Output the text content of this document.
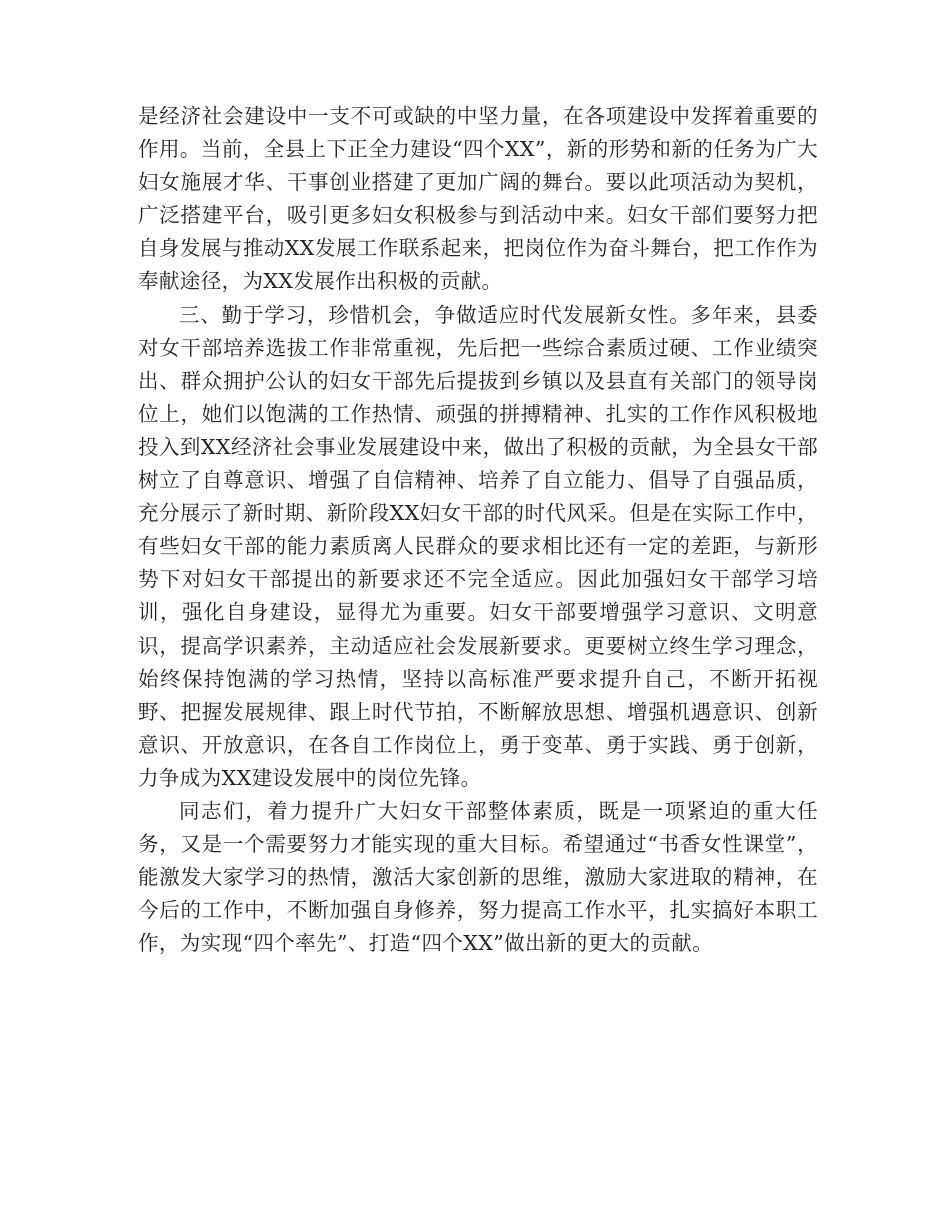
是经济社会建设中一支不可或缺的中坚力量，在各项建设中发挥着重要的作用。当前，全县上下正全力建设“四个XX”，新的形势和新的任务为广大妇女施展才华、干事创业搭建了更加广阔的舞台。要以此项活动为契机，广泛搭建平台，吸引更多妇女积极参与到活动中来。妇女干部们要努力把自身发展与推动XX发展工作联系起来，把岗位作为奋斗舞台，把工作作为奉献途径，为XX发展作出积极的贡献。

三、勤于学习，珍惜机会，争做适应时代发展新女性。多年来，县委对女干部培养选拔工作非常重视，先后把一些综合素质过硬、工作业绩突出、群众拥护公认的妇女干部先后提拔到乡镇以及县直有关部门的领导岗位上，她们以饱满的工作热情、顽强的拼搏精神、扎实的工作作风积极地投入到XX经济社会事业发展建设中来，做出了积极的贡献，为全县女干部树立了自尊意识、增强了自信精神、培养了自立能力、倡导了自强品质，充分展示了新时期、新阶段XX妇女干部的时代风采。但是在实际工作中，有些妇女干部的能力素质离人民群众的要求相比还有一定的差距，与新形势下对妇女干部提出的新要求还不完全适应。因此加强妇女干部学习培训，强化自身建设，显得尤为重要。妇女干部要增强学习意识、文明意识，提高学识素养，主动适应社会发展新要求。更要树立终生学习理念，始终保持饱满的学习热情，坚持以高标准严要求提升自己，不断开拓视野、把握发展规律、跟上时代节拍，不断解放思想、增强机遇意识、创新意识、开放意识，在各自工作岗位上，勇于变革、勇于实践、勇于创新，力争成为XX建设发展中的岗位先锋。

同志们，着力提升广大妇女干部整体素质，既是一项紧迫的重大任务，又是一个需要努力才能实现的重大目标。希望通过“书香女性课堂”，能激发大家学习的热情，激活大家创新的思维，激励大家进取的精神，在今后的工作中，不断加强自身修养，努力提高工作水平，扎实搞好本职工作，为实现“四个率先”、打造“四个XX”做出新的更大的贡献。
